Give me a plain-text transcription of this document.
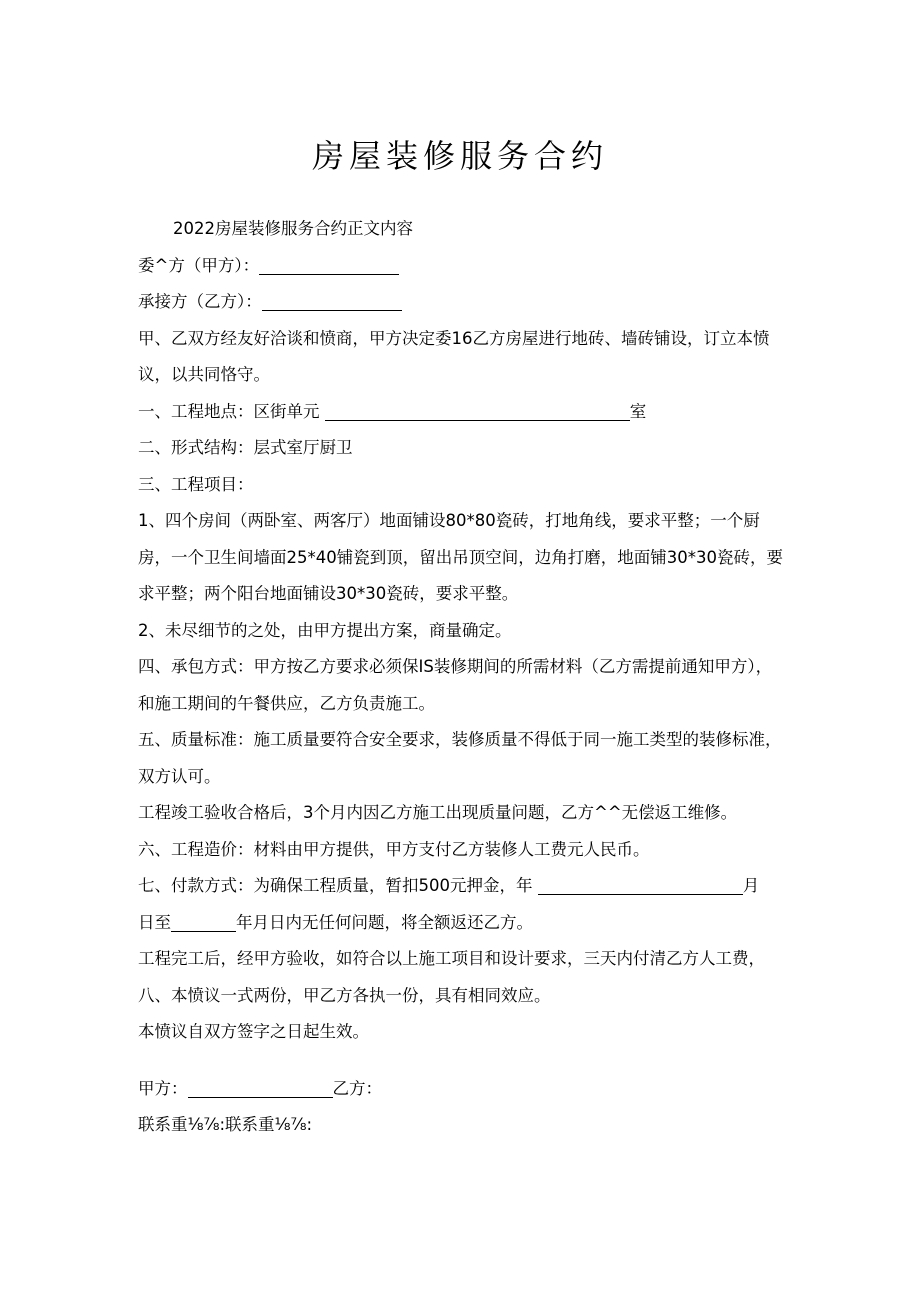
房屋装修服务合约

2022房屋装修服务合约正文内容

委^方（甲方）：

承接方（乙方）：

甲、乙双方经友好洽谈和愤商，甲方决定委16乙方房屋进行地砖、墙砖铺设，订立本愤议，以共同恪守。

一、工程地点：区街单元	室

二、形式结构：层式室厅厨卫

三、工程项目：

1、四个房间（两卧室、两客厅）地面铺设80*80瓷砖，打地角线，要求平整；一个厨房，一个卫生间墙面25*40铺瓷到顶，留出吊顶空间，边角打磨，地面铺30*30瓷砖，要求平整；两个阳台地面铺设30*30瓷砖，要求平整。

2、未尽细节的之处，由甲方提出方案，商量确定。

四、承包方式：甲方按乙方要求必须保IS装修期间的所需材料（乙方需提前通知甲方），和施工期间的午餐供应，乙方负责施工。

五、质量标准：施工质量要符合安全要求，装修质量不得低于同一施工类型的装修标准，双方认可。

工程竣工验收合格后，3个月内因乙方施工出现质量问题，乙方^^无偿返工维修。

六、工程造价：材料由甲方提供，甲方支付乙方装修人工费元人民币。

七、付款方式：为确保工程质量，暂扣500元押金，年	月

日至	年月日内无任何问题，将全额返还乙方。

工程完工后，经甲方验收，如符合以上施工项目和设计要求，三天内付清乙方人工费，

八、本愤议一式两份，甲乙方各执一份，具有相同效应。

本愤议自双方签字之日起生效。

甲方：	乙方：

联系重⅛⅞:联系重⅛⅞:
